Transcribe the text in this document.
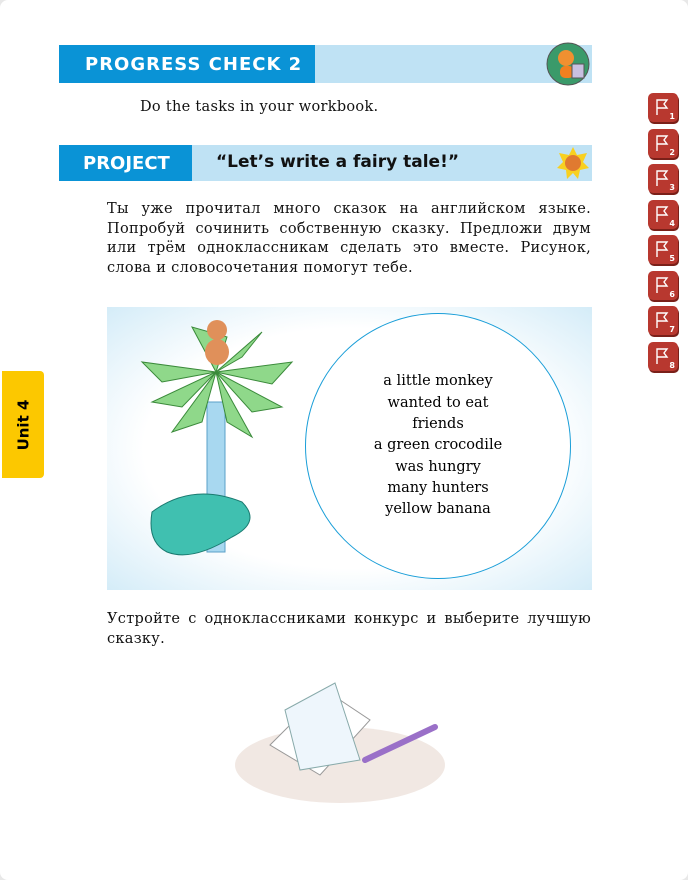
PROGRESS CHECK 2
Do the tasks in your workbook.
PROJECT	“Let’s write a fairy tale!”
Ты уже прочитал много сказок на английском языке. Попробуй сочинить собственную сказку. Предложи двум или трём одноклассникам сделать это вместе. Рисунок, слова и словосочетания помогут тебе.
a little monkey
wanted to eat
friends
a green crocodile
was hungry
many hunters
yellow banana
Устройте с одноклассниками конкурс и выберите лучшую сказку.
Unit 4
1
2
3
4
5
6
7
8
